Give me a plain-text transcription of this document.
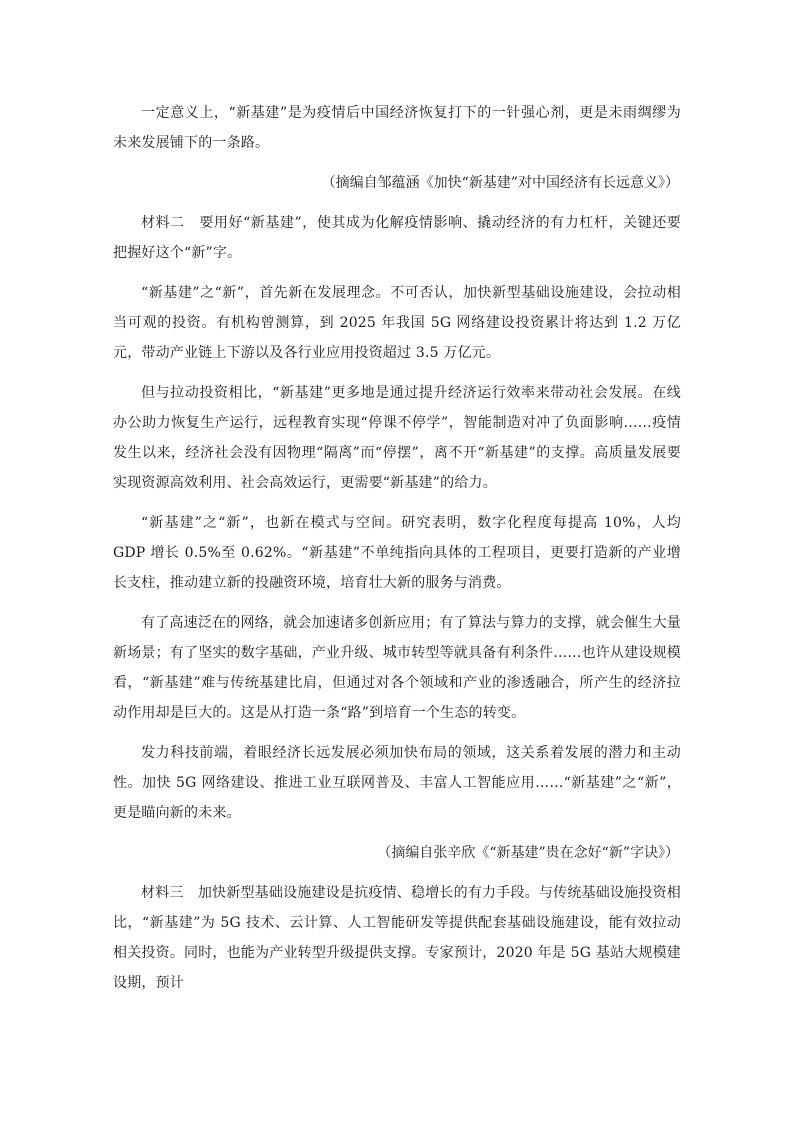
一定意义上，“新基建”是为疫情后中国经济恢复打下的一针强心剂，更是未雨绸缪为未来发展铺下的一条路。

（摘编自邹蕴涵《加快“新基建”对中国经济有长远意义》）

材料二　要用好“新基建”，使其成为化解疫情影响、撬动经济的有力杠杆，关键还要把握好这个“新”字。

“新基建”之“新”，首先新在发展理念。不可否认，加快新型基础设施建设，会拉动相当可观的投资。有机构曾测算，到 2025 年我国 5G 网络建设投资累计将达到 1.2 万亿元，带动产业链上下游以及各行业应用投资超过 3.5 万亿元。

但与拉动投资相比，“新基建”更多地是通过提升经济运行效率来带动社会发展。在线办公助力恢复生产运行，远程教育实现“停课不停学”，智能制造对冲了负面影响……疫情发生以来，经济社会没有因物理“隔离”而“停摆”，离不开“新基建”的支撑。高质量发展要实现资源高效利用、社会高效运行，更需要“新基建”的给力。

“新基建”之“新”，也新在模式与空间。研究表明，数字化程度每提高 10%，人均 GDP 增长 0.5%至 0.62%。“新基建”不单纯指向具体的工程项目，更要打造新的产业增长支柱，推动建立新的投融资环境，培育壮大新的服务与消费。

有了高速泛在的网络，就会加速诸多创新应用；有了算法与算力的支撑，就会催生大量新场景；有了坚实的数字基础，产业升级、城市转型等就具备有利条件……也许从建设规模看，“新基建”难与传统基建比肩，但通过对各个领域和产业的渗透融合，所产生的经济拉动作用却是巨大的。这是从打造一条“路”到培育一个生态的转变。

发力科技前端，着眼经济长远发展必须加快布局的领域，这关系着发展的潜力和主动性。加快 5G 网络建设、推进工业互联网普及、丰富人工智能应用……“新基建”之“新”，更是瞄向新的未来。

（摘编自张辛欣《“新基建”贵在念好“新”字诀》）

材料三　加快新型基础设施建设是抗疫情、稳增长的有力手段。与传统基础设施投资相比，“新基建”为 5G 技术、云计算、人工智能研发等提供配套基础设施建设，能有效拉动相关投资。同时，也能为产业转型升级提供支撑。专家预计，2020 年是 5G 基站大规模建设期，预计
